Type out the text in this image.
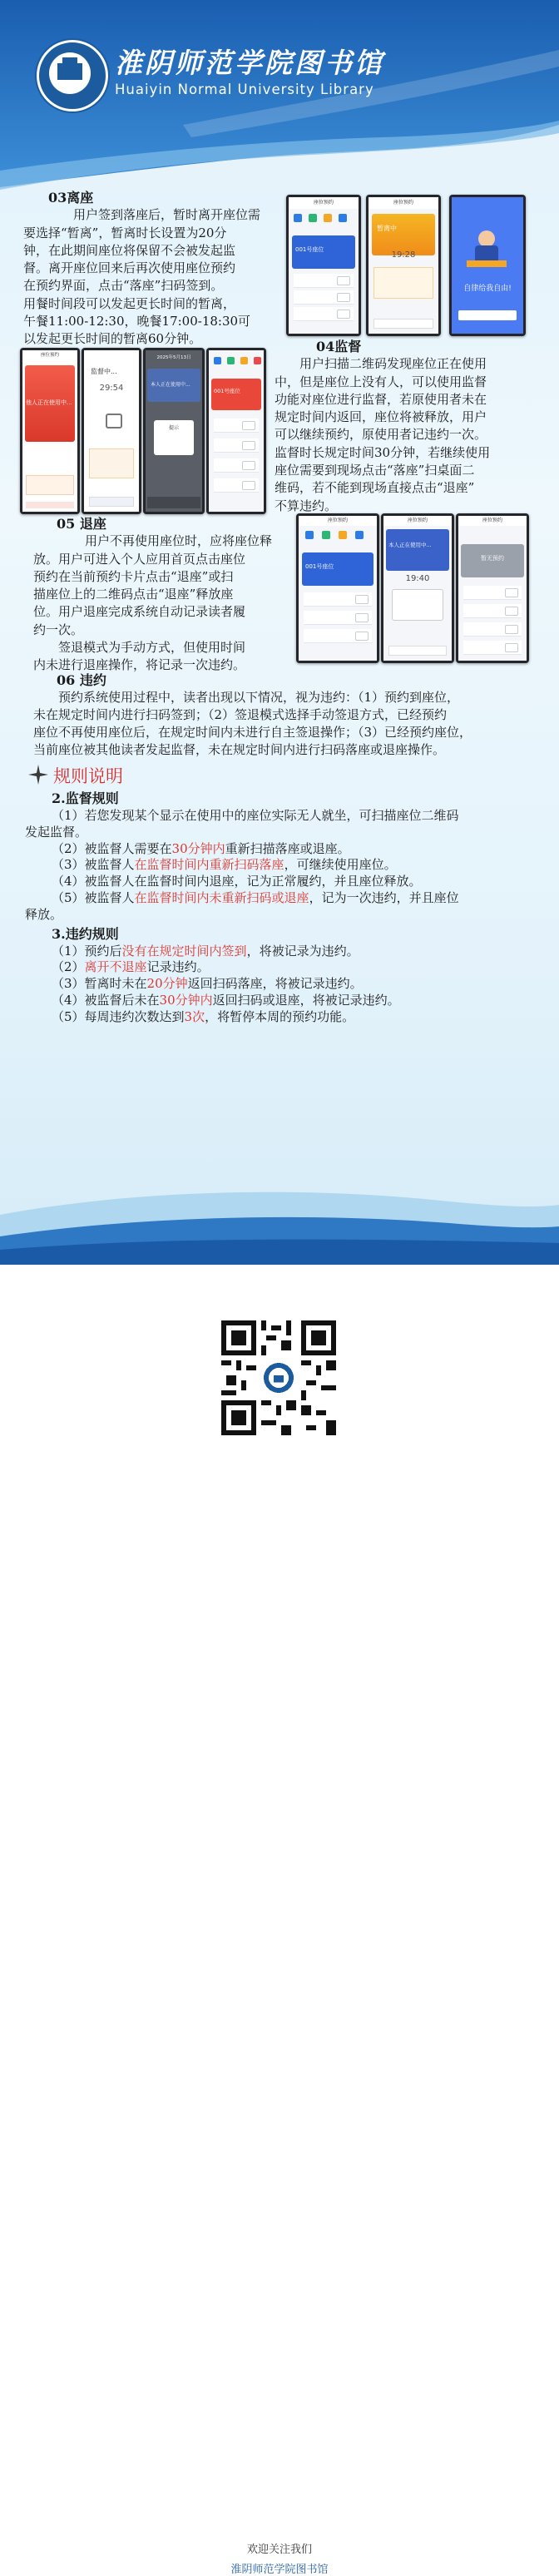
淮阴师范学院图书馆
Huaiyin Normal University Library
03离座
用户签到落座后，暂时离开座位需
要选择“暂离”，暂离时长设置为20分
钟，在此期间座位将保留不会被发起监
督。离开座位回来后再次使用座位预约
在预约界面，点击“落座”扫码签到。
用餐时间段可以发起更长时间的暂离，
午餐11:00-12:30，晚餐17:00-18:30可
以发起更长时间的暂离60分钟。
座位预约
001号座位
座位预约
暂离中
19:28
自律给我自由!
座位预约
他人正在使用中...
监督中...
29:54
2025年5月13日
本人正在使用中...
提示
001号座位
04监督
用户扫描二维码发现座位正在使用
中，但是座位上没有人，可以使用监督
功能对座位进行监督，若原使用者未在
规定时间内返回，座位将被释放，用户
可以继续预约，原使用者记违约一次。
监督时长规定时间30分钟，若继续使用
座位需要到现场点击“落座”扫桌面二
维码，若不能到现场直接点击“退座”
不算违约。
座位预约
001号座位
座位预约
本人正在使用中...
19:40
座位预约
暂无预约
05 退座
用户不再使用座位时，应将座位释
放。用户可进入个人应用首页点击座位
预约在当前预约卡片点击“退座”或扫
描座位上的二维码点击“退座”释放座
位。用户退座完成系统自动记录读者履
约一次。
签退模式为手动方式，但使用时间
内未进行退座操作，将记录一次违约。
06 违约
预约系统使用过程中，读者出现以下情况，视为违约：（1）预约到座位，
未在规定时间内进行扫码签到；（2）签退模式选择手动签退方式，已经预约
座位不再使用座位后，在规定时间内未进行自主签退操作；（3）已经预约座位，
当前座位被其他读者发起监督，未在规定时间内进行扫码落座或退座操作。
规则说明
2.监督规则
（1）若您发现某个显示在使用中的座位实际无人就坐，可扫描座位二维码
发起监督。
（2）被监督人需要在30分钟内重新扫描落座或退座。
（3）被监督人在监督时间内重新扫码落座，可继续使用座位。
（4）被监督人在监督时间内退座，记为正常履约，并且座位释放。
（5）被监督人在监督时间内未重新扫码或退座，记为一次违约，并且座位
释放。
3.违约规则
（1）预约后没有在规定时间内签到，将被记录为违约。
（2）离开不退座记录违约。
（3）暂离时未在20分钟返回扫码落座，将被记录违约。
（4）被监督后未在30分钟内返回扫码或退座，将被记录违约。
（5）每周违约次数达到3次，将暂停本周的预约功能。
欢迎关注我们
淮阴师范学院图书馆
